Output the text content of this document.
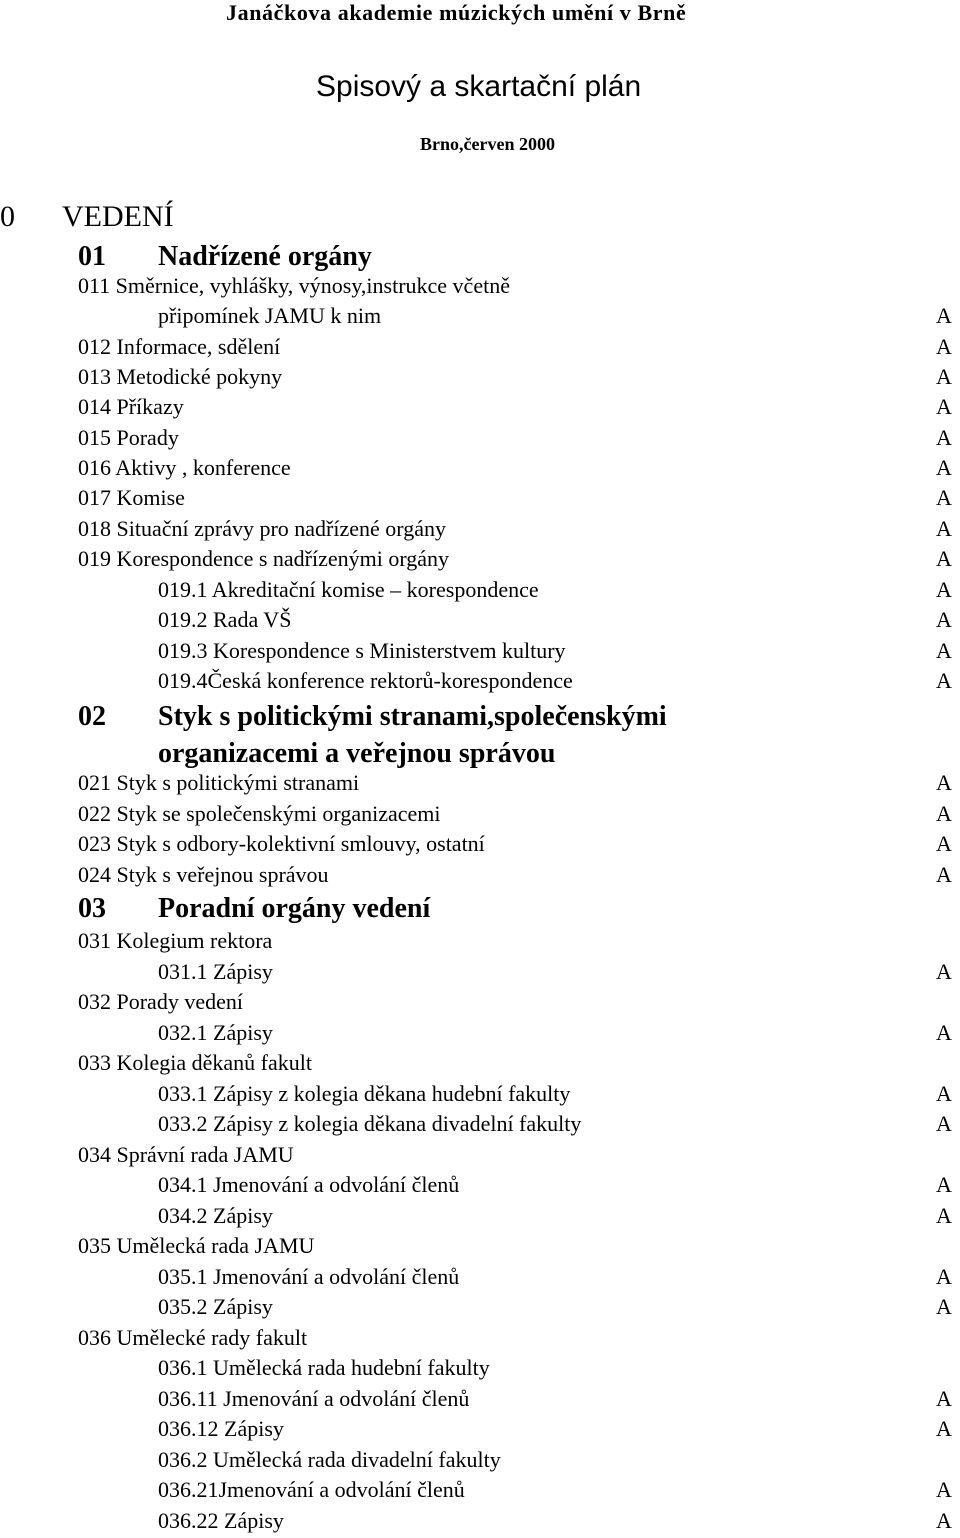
Janáčkova akademie múzických umění v Brně
Spisový a skartační plán
Brno,červen 2000
0 VEDENÍ
01 Nadřízené orgány
011 Směrnice, vyhlášky, výnosy,instrukce včetně
připomínek JAMU k nim	A
012 Informace, sdělení	A
013 Metodické pokyny	A
014 Příkazy	A
015 Porady	A
016 Aktivy , konference	A
017 Komise	A
018 Situační zprávy pro nadřízené orgány	A
019 Korespondence s nadřízenými orgány	A
019.1 Akreditační komise – korespondence	A
019.2 Rada VŠ	A
019.3 Korespondence s Ministerstvem kultury	A
019.4Česká konference rektorů-korespondence	A
02 Styk s politickými stranami,společenskými
organizacemi a veřejnou správou
021 Styk s politickými stranami	A
022 Styk se společenskými organizacemi	A
023 Styk s odbory-kolektivní smlouvy, ostatní	A
024 Styk s veřejnou správou	A
03 Poradní orgány vedení
031 Kolegium rektora
031.1 Zápisy	A
032 Porady vedení
032.1 Zápisy	A
033 Kolegia děkanů fakult
033.1 Zápisy z kolegia děkana hudební fakulty	A
033.2 Zápisy z kolegia děkana divadelní fakulty	A
034 Správní rada JAMU
034.1 Jmenování a odvolání členů	A
034.2 Zápisy	A
035 Umělecká rada JAMU
035.1 Jmenování a odvolání členů	A
035.2 Zápisy	A
036 Umělecké rady fakult
036.1 Umělecká rada hudební fakulty
036.11 Jmenování a odvolání členů	A
036.12 Zápisy	A
036.2 Umělecká rada divadelní fakulty
036.21Jmenování a odvolání členů	A
036.22 Zápisy	A
